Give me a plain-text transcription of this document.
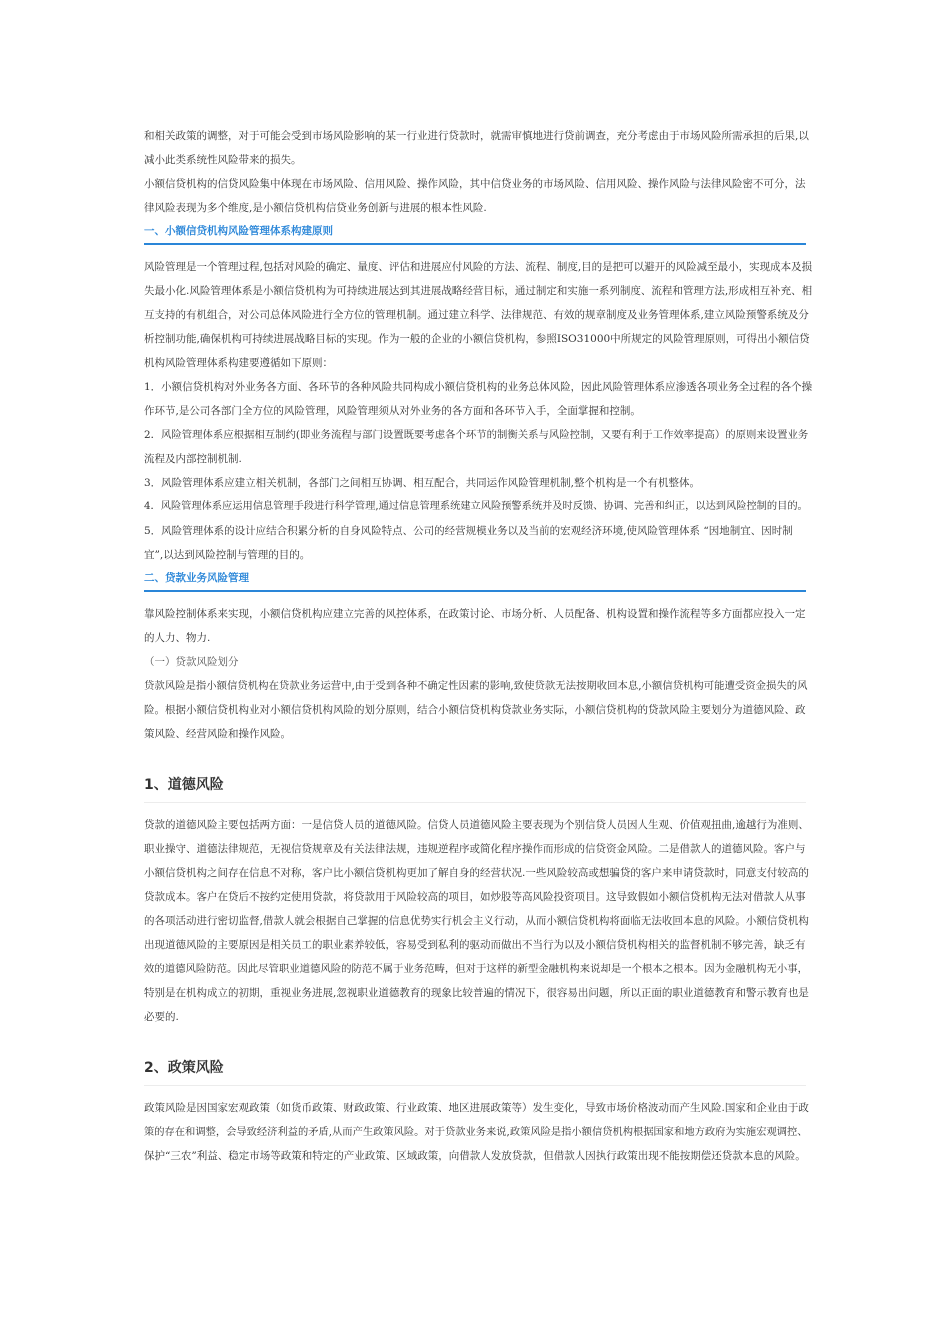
和相关政策的调整，对于可能会受到市场风险影响的某一行业进行贷款时，就需审慎地进行贷前调查，充分考虑由于市场风险所需承担的后果,以

减小此类系统性风险带来的损失。

小额信贷机构的信贷风险集中体现在市场风险、信用风险、操作风险，其中信贷业务的市场风险、信用风险、操作风险与法律风险密不可分，法

律风险表现为多个维度,是小额信贷机构信贷业务创新与进展的根本性风险.

一、小额信贷机构风险管理体系构建原则

风险管理是一个管理过程,包括对风险的确定、量度、评估和进展应付风险的方法、流程、制度,目的是把可以避开的风险减至最小，实现成本及损

失最小化.风险管理体系是小额信贷机构为可持续进展达到其进展战略经营目标，通过制定和实施一系列制度、流程和管理方法,形成相互补充、相

互支持的有机组合，对公司总体风险进行全方位的管理机制。通过建立科学、法律规范、有效的规章制度及业务管理体系,建立风险预警系统及分

析控制功能,确保机构可持续进展战略目标的实现。作为一般的企业的小额信贷机构，参照ISO31000中所规定的风险管理原则，可得出小额信贷

机构风险管理体系构建要遵循如下原则：

1．小额信贷机构对外业务各方面、各环节的各种风险共同构成小额信贷机构的业务总体风险，因此风险管理体系应渗透各项业务全过程的各个操

作环节,是公司各部门全方位的风险管理，风险管理须从对外业务的各方面和各环节入手，全面掌握和控制。

2．风险管理体系应根据相互制约(即业务流程与部门设置既要考虑各个环节的制衡关系与风险控制，又要有利于工作效率提高）的原则来设置业务

流程及内部控制机制.

3．风险管理体系应建立相关机制，各部门之间相互协调、相互配合，共同运作风险管理机制,整个机构是一个有机整体。

4．风险管理体系应运用信息管理手段进行科学管理,通过信息管理系统建立风险预警系统并及时反馈、协调、完善和纠正，以达到风险控制的目的。

5．风险管理体系的设计应结合积累分析的自身风险特点、公司的经营规模业务以及当前的宏观经济环境,使风险管理体系 “因地制宜、因时制

宜”,以达到风险控制与管理的目的。

二、贷款业务风险管理

靠风险控制体系来实现，小额信贷机构应建立完善的风控体系，在政策讨论、市场分析、人员配备、机构设置和操作流程等多方面都应投入一定

的人力、物力.

（一）贷款风险划分

贷款风险是指小额信贷机构在贷款业务运营中,由于受到各种不确定性因素的影响,致使贷款无法按期收回本息,小额信贷机构可能遭受资金损失的风

险。根据小额信贷机构业对小额信贷机构风险的划分原则，结合小额信贷机构贷款业务实际，小额信贷机构的贷款风险主要划分为道德风险、政

策风险、经营风险和操作风险。

1、道德风险

贷款的道德风险主要包括两方面：一是信贷人员的道德风险。信贷人员道德风险主要表现为个别信贷人员因人生观、价值观扭曲,逾越行为准则、

职业操守、道德法律规范，无视信贷规章及有关法律法规，违规逆程序或简化程序操作而形成的信贷资金风险。二是借款人的道德风险。客户与

小额信贷机构之间存在信息不对称，客户比小额信贷机构更加了解自身的经营状况.一些风险较高或想骗贷的客户来申请贷款时，同意支付较高的

贷款成本。客户在贷后不按约定使用贷款，将贷款用于风险较高的项目，如炒股等高风险投资项目。这导致假如小额信贷机构无法对借款人从事

的各项活动进行密切监督,借款人就会根据自己掌握的信息优势实行机会主义行动，从而小额信贷机构将面临无法收回本息的风险。小额信贷机构

出现道德风险的主要原因是相关员工的职业素养较低，容易受到私利的驱动而做出不当行为以及小额信贷机构相关的监督机制不够完善，缺乏有

效的道德风险防范。因此尽管职业道德风险的防范不属于业务范畴，但对于这样的新型金融机构来说却是一个根本之根本。因为金融机构无小事，

特别是在机构成立的初期，重视业务进展,忽视职业道德教育的现象比较普遍的情况下，很容易出问题，所以正面的职业道德教育和警示教育也是

必要的.

2、政策风险

政策风险是因国家宏观政策（如货币政策、财政政策、行业政策、地区进展政策等）发生变化，导致市场价格波动而产生风险.国家和企业由于政

策的存在和调整，会导致经济利益的矛盾,从而产生政策风险。对于贷款业务来说,政策风险是指小额信贷机构根据国家和地方政府为实施宏观调控、

保护“三农”利益、稳定市场等政策和特定的产业政策、区域政策，向借款人发放贷款，但借款人因执行政策出现不能按期偿还贷款本息的风险。
